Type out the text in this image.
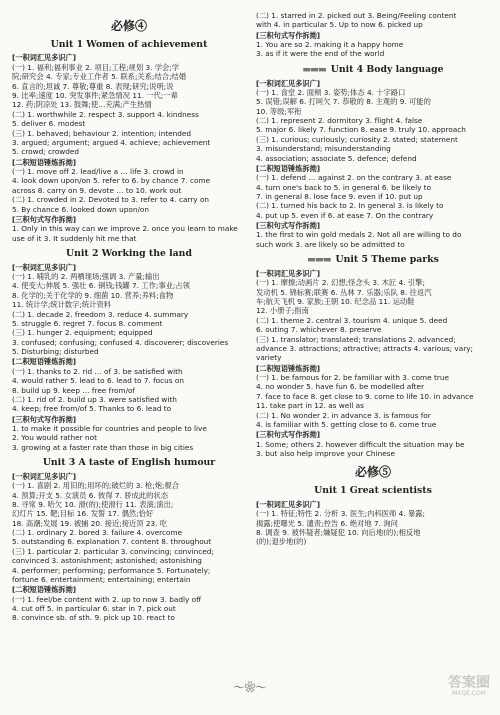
必修④
Unit 1 Women of achievement
[一积词汇见多识广]
(一) 1. 福利;福利事业 2. 项目;工程;规划 3. 学会;学
院;研究会 4. 专家;专业工作者 5. 联系;关系;结合;结婚
6. 直言的;坦诚 7. 尊敬;尊重 8. 表现;研究;说明;说
9. 比率;速度 10. 突发事件;紧急情况 11. 一代;一辈
12. 药;阴凉处 13. 鼓舞;使…充满;产生热情
(二) 1. worthwhile 2. respect 3. support 4. kindness
5. deliver 6. modest
(三) 1. behaved; behaviour 2. intention; intended
3. argued; argument; argued 4. achieve; achievement
5. crowd; crowded
[二积短语锤炼拆拗]
(一) 1. move off 2. lead/live a … life 3. crowd in
4. look down upon/on 5. refer to 6. by chance 7. come
across 8. carry on 9. devote … to 10. work out
(二) 1. crowded in 2. Devoted to 3. refer to 4. carry on
5. By chance 6. looked down upon/on
[三积句式写作拆拗]
1. Only in this way can we improve 2. once you learn to make
use of it 3. It suddenly hit me that
Unit 2 Working the land
[一积词汇见多识广]
(一) 1. 哺乳的 2. 两栖现场;强调 3. 产量;输出
4. 使变大;伸展 5. 强壮 6. 铜钱;钱罐 7. 工作;事业;占领
8. 化学的;关于化学的 9. 细菌 10. 营养;养料;食物
11. 统计学;统计数字;统计资料
(二) 1. decade 2. freedom 3. reduce 4. summary
5. struggle 6. regret 7. focus 8. comment
(三) 1. hunger 2. equipment; equipped
3. confused; confusing; confused 4. discoverer; discoveries
5. Disturbing; disturbed
[二积短语锤炼拆拗]
(一) 1. thanks to 2. rid … of 3. be satisfied with
4. would rather 5. lead to 6. lead to 7. focus on
8. build up 9. keep … free from/of
(二) 1. rid of 2. build up 3. were satisfied with
4. keep; free from/of 5. Thanks to 6. lead to
[三积句式写作拆拗]
1. to make it possible for countries and people to live
2. You would rather not
3. growing at a faster rate than those in big cities
Unit 3 A taste of English humour
[一积词汇见多识广]
(一) 1. 喜剧 2. 用旧的;用坏的;破烂的 3. 枪;炮;棍合
4. 预算;开支 5. 女演员 6. 彼得 7. 骄成此的状态
8. 寻常 9. 哈欠 10. 滑(的);使滑行 11. 表演;演出;
幻灯片 15. 靶;目标 16. 发誓 17. 偶然;恰好
18. 高潮;发展 19. 被捕 20. 接近;接近顶 23. 吃
(二) 1. ordinary 2. bored 3. failure 4. overcome
5. outstanding 6. explanation 7. content 8. throughout
(三) 1. particular 2. particular 3. convincing; convinced;
convinced 3. astonishment; astonished; astonishing
4. performer; performing; performance 5. Fortunately;
fortune 6. entertainment; entertaining; entertain
[二积短语锤炼拆拗]
(一) 1. feel/be content with 2. up to now 3. badly off
4. cut off 5. in particular 6. star in 7. pick out
8. convince sb. of sth. 9. pick up 10. react to
(二) 1. starred in 2. picked out 3. Being/Feeling content
with 4. in particular 5. Up to now 6. picked up
[三积句式写作拆拗]
1. You are so 2. making it a happy home
3. as if it were the end of the world
▬▬▬ Unit 4 Body language
[一积词汇见多识广]
(一) 1. 食堂 2. 面颊 3. 姿势;体态 4. 十字路口
5. 误错;误解 6. 打呵欠 7. 恭敬的 8. 主观的 9. 可能的
10. 等级;军衔
(二) 1. represent 2. dormitory 3. flight 4. false
5. major 6. likely 7. function 8. ease 9. truly 10. approach
(三) 1. curious; curiously; curiosity 2. stated; statement
3. misunderstand; misunderstanding
4. association; associate 5. defence; defend
[二积短语锤炼拆拗]
(一) 1. defend … against 2. on the contrary 3. at ease
4. turn one's back to 5. in general 6. be likely to
7. in general 8. lose face 9. even if 10. put up
(二) 1. turned his back to 2. In general 3. is likely to
4. put up 5. even if 6. at ease 7. On the contrary
[三积句式写作拆拗]
1. the first to win gold medals 2. Not all are willing to do
such work 3. are likely so be admitted to
▬▬▬ Unit 5 Theme parks
[一积词汇见多识广]
(一) 1. 摩擦;动画片 2. 幻想;怪念头 3. 木匠 4. 引擎;
发动机 5. 锦标赛;联赛 6. 丛林 7. 乐器;乐队 8. 往返汽
车;航天飞机 9. 家族;王朝 10. 纪念品 11. 运动鞋
12. 小册子;指南
(二) 1. theme 2. central 3. tourism 4. unique 5. deed
6. outing 7. whichever 8. preserve
(三) 1. translator; translated; translations 2. advanced;
advance 3. attractions; attractive; attracts 4. various; vary;
variety
[二积短语锤炼拆拗]
(一) 1. be famous for 2. be familiar with 3. come true
4. no wonder 5. have fun 6. be modelled after
7. face to face 8. get close to 9. come to life 10. in advance
11. take part in 12. as well as
(二) 1. No wonder 2. in advance 3. is famous for
4. is familiar with 5. getting close to 6. come true
[三积句式写作拆拗]
1. Some; others 2. however difficult the situation may be
3. but also help improve your Chinese
必修⑤
Unit 1 Great scientists
[一积词汇见多识广]
(一) 1. 特征;特性 2. 分析 3. 医生;内科医师 4. 暴露;
揭露;使曝光 5. 谴责;控告 6. 绝对地 7. 询问
8. 调查 9. 被怀疑者;嫌疑犯 10. 向后地(的);相反地
(的);退步地(的)
〜❀〜	答案圈
MXQE.COM
